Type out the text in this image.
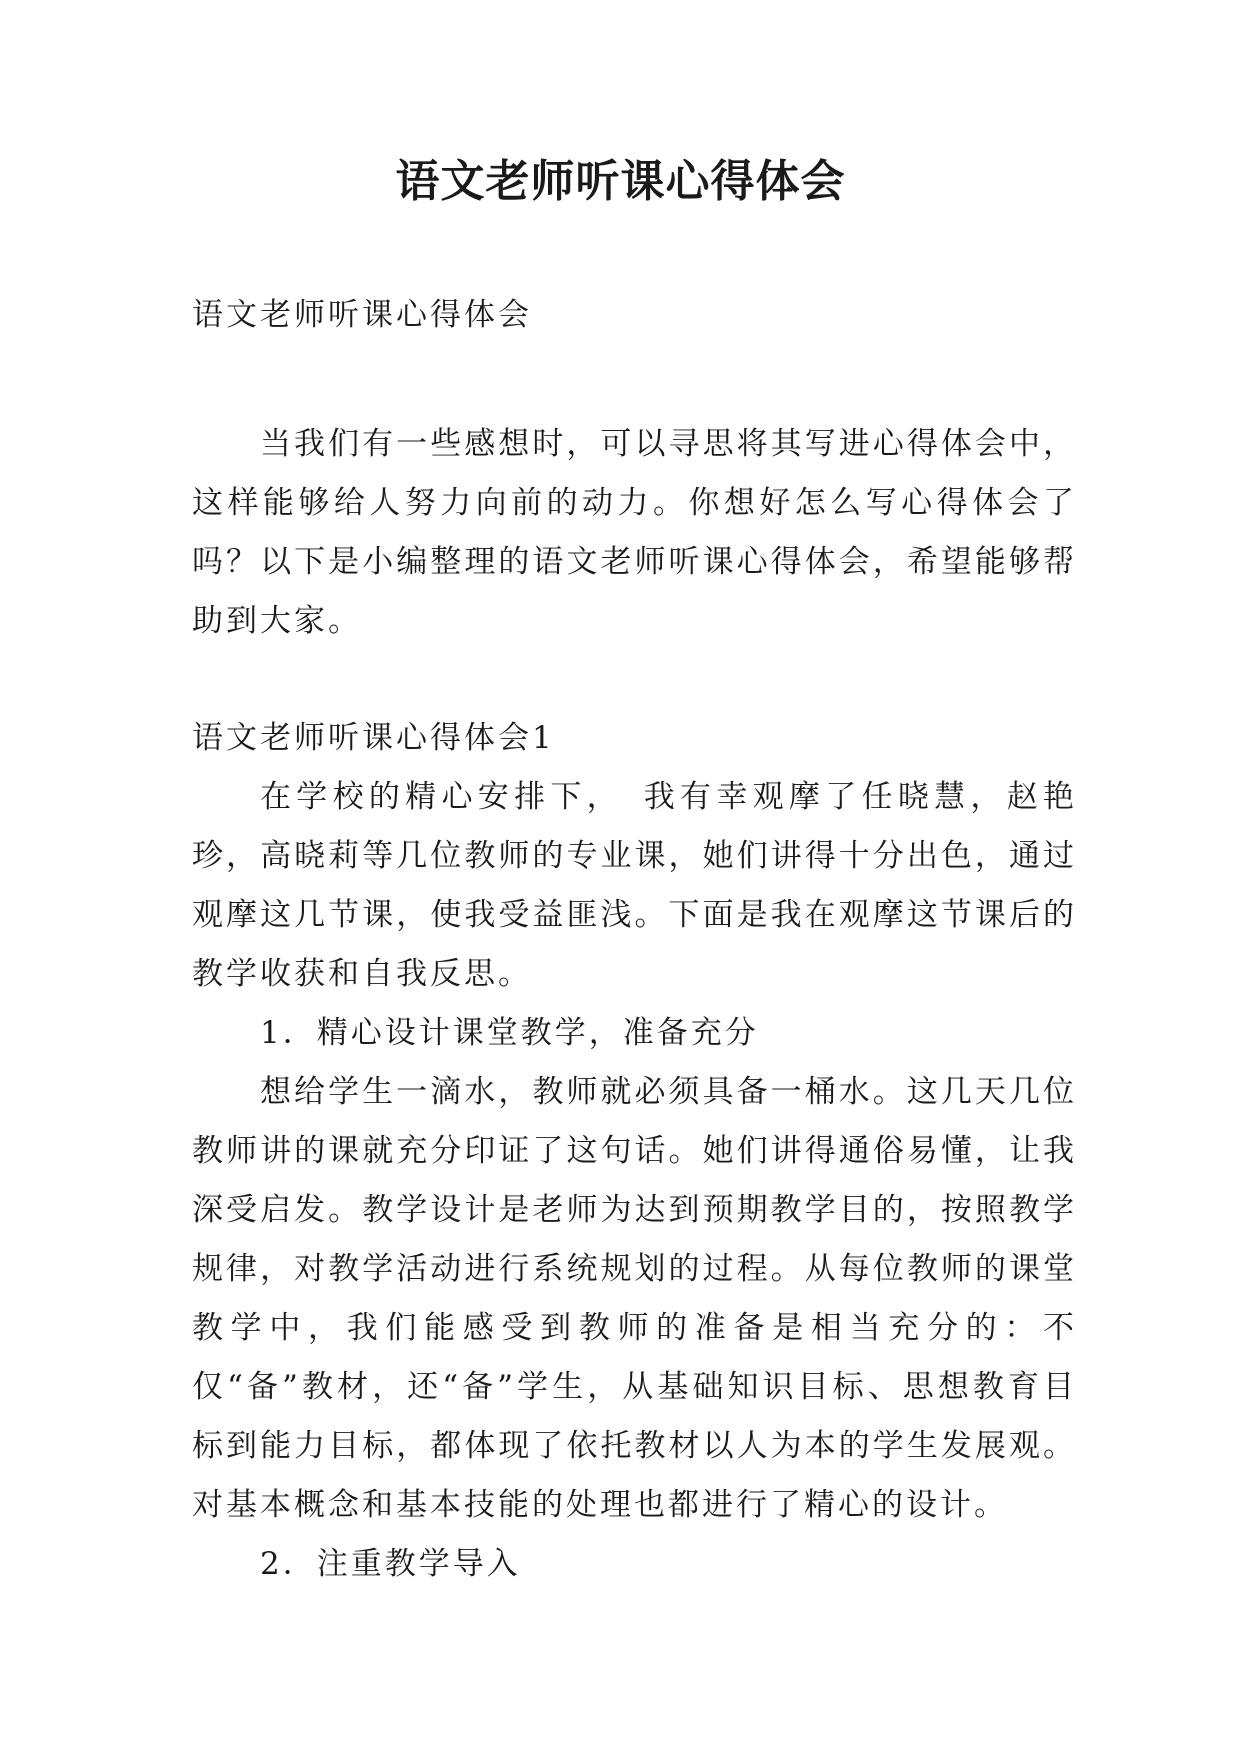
语文老师听课心得体会

语文老师听课心得体会

当我们有一些感想时，可以寻思将其写进心得体会中，这样能够给人努力向前的动力。你想好怎么写心得体会了吗？以下是小编整理的语文老师听课心得体会，希望能够帮助到大家。

语文老师听课心得体会1

在学校的精心安排下，　我有幸观摩了任晓慧，赵艳珍，高晓莉等几位教师的专业课，她们讲得十分出色，通过观摩这几节课，使我受益匪浅。下面是我在观摩这节课后的教学收获和自我反思。

1．精心设计课堂教学，准备充分

想给学生一滴水，教师就必须具备一桶水。这几天几位教师讲的课就充分印证了这句话。她们讲得通俗易懂，让我深受启发。教学设计是老师为达到预期教学目的，按照教学规律，对教学活动进行系统规划的过程。从每位教师的课堂教学中，我们能感受到教师的准备是相当充分的：不仅“备”教材，还“备”学生，从基础知识目标、思想教育目标到能力目标，都体现了依托教材以人为本的学生发展观。对基本概念和基本技能的处理也都进行了精心的设计。

2．注重教学导入
